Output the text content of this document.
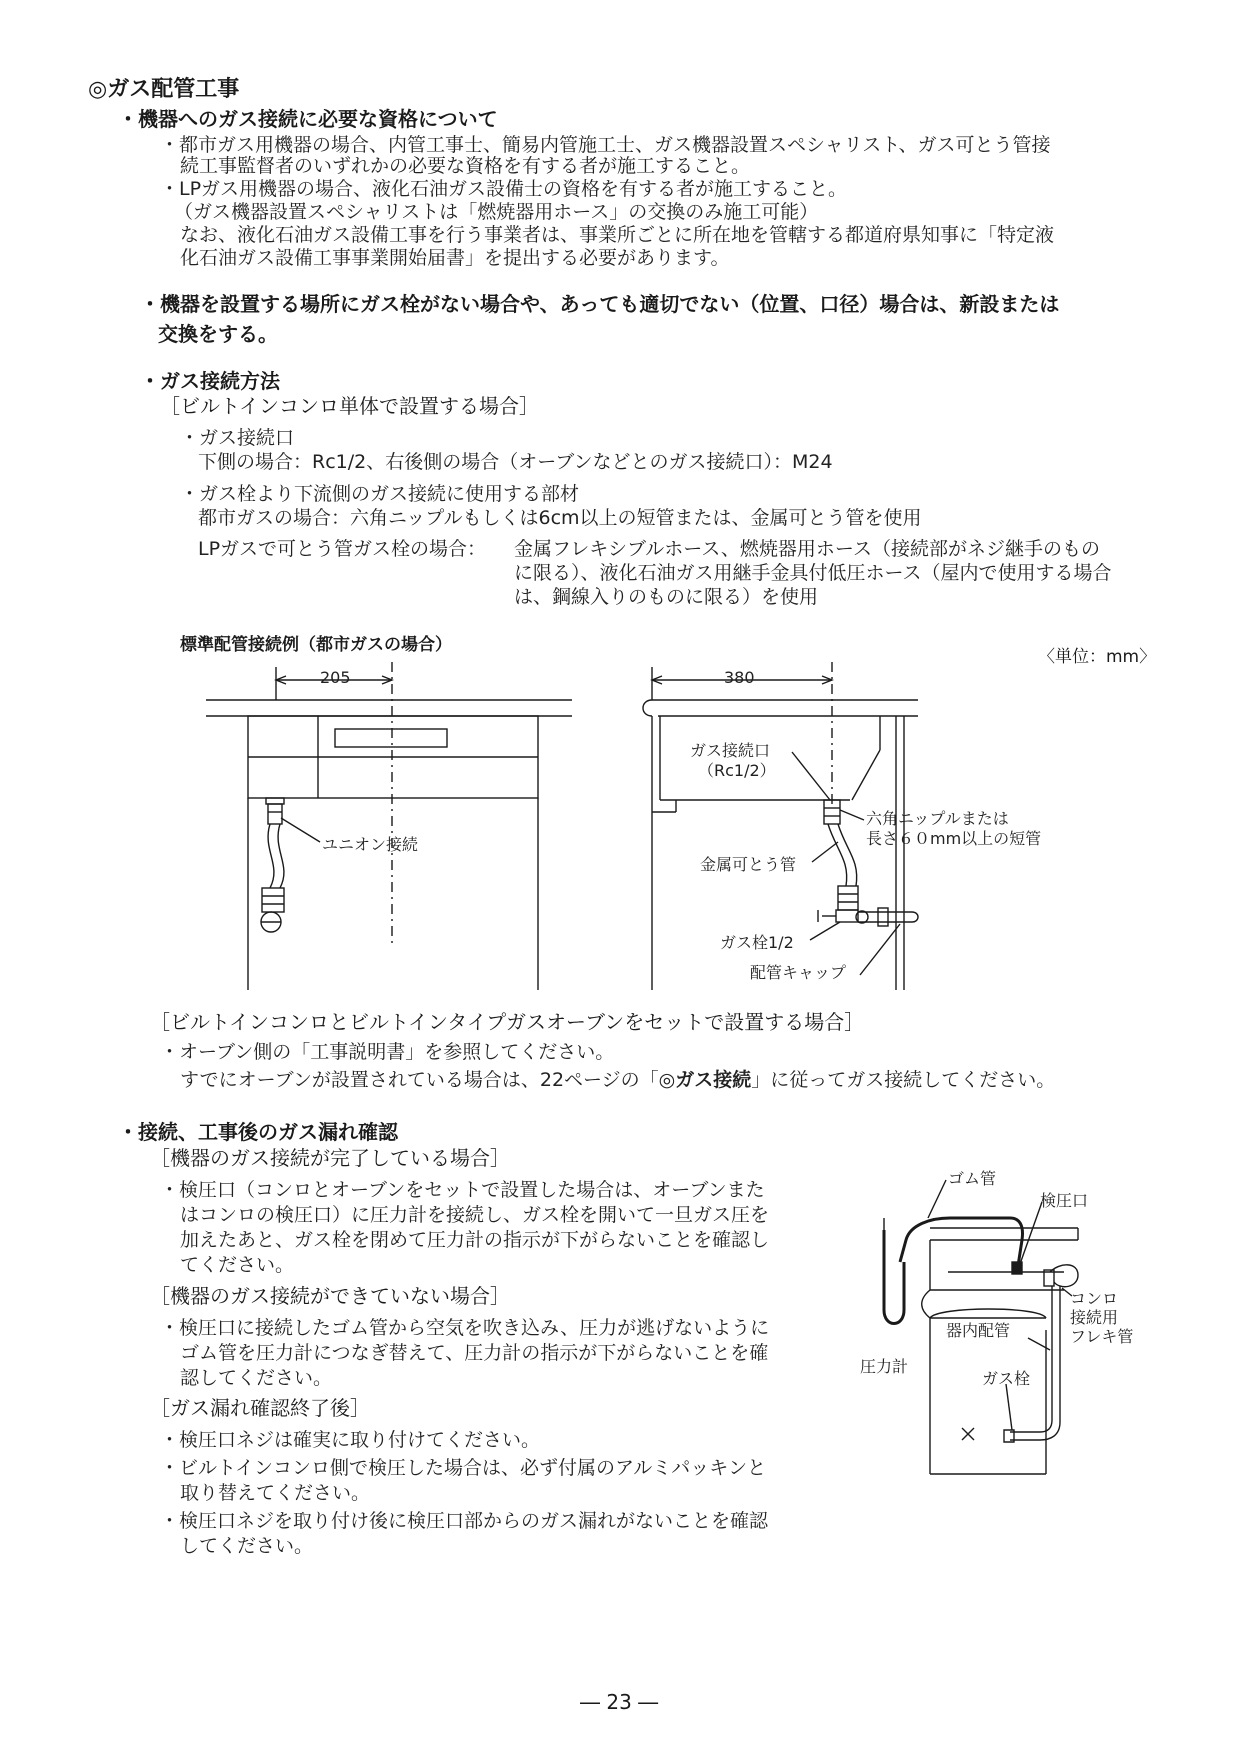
◎ガス配管工事
・機器へのガス接続に必要な資格について
・都市ガス用機器の場合、内管工事士、簡易内管施工士、ガス機器設置スペシャリスト、ガス可とう管接
続工事監督者のいずれかの必要な資格を有する者が施工すること。
・LPガス用機器の場合、液化石油ガス設備士の資格を有する者が施工すること。
（ガス機器設置スペシャリストは「燃焼器用ホース」の交換のみ施工可能）
なお、液化石油ガス設備工事を行う事業者は、事業所ごとに所在地を管轄する都道府県知事に「特定液
化石油ガス設備工事事業開始届書」を提出する必要があります。
・機器を設置する場所にガス栓がない場合や、あっても適切でない（位置、口径）場合は、新設または
交換をする。
・ガス接続方法
［ビルトインコンロ単体で設置する場合］
・ガス接続口
下側の場合：Rc1/2、右後側の場合（オーブンなどとのガス接続口）：M24
・ガス栓より下流側のガス接続に使用する部材
都市ガスの場合：六角ニップルもしくは6cm以上の短管または、金属可とう管を使用
LPガスで可とう管ガス栓の場合： 金属フレキシブルホース、燃焼器用ホース（接続部がネジ継手のもの
に限る）、液化石油ガス用継手金具付低圧ホース（屋内で使用する場合
は、鋼線入りのものに限る）を使用
標準配管接続例（都市ガスの場合）
〈単位：mm〉
205
ユニオン接続
380
ガス接続口
（Rc1/2）
六角ニップルまたは
長さ６０mm以上の短管
金属可とう管
ガス栓1/2
配管キャップ
［ビルトインコンロとビルトインタイプガスオーブンをセットで設置する場合］
・オーブン側の「工事説明書」を参照してください。
すでにオーブンが設置されている場合は、22ページの「◎ガス接続」に従ってガス接続してください。
・接続、工事後のガス漏れ確認
［機器のガス接続が完了している場合］
・検圧口（コンロとオーブンをセットで設置した場合は、オーブンまた
はコンロの検圧口）に圧力計を接続し、ガス栓を開いて一旦ガス圧を
加えたあと、ガス栓を閉めて圧力計の指示が下がらないことを確認し
てください。
［機器のガス接続ができていない場合］
・検圧口に接続したゴム管から空気を吹き込み、圧力が逃げないように
ゴム管を圧力計につなぎ替えて、圧力計の指示が下がらないことを確
認してください。
［ガス漏れ確認終了後］
・検圧口ネジは確実に取り付けてください。
・ビルトインコンロ側で検圧した場合は、必ず付属のアルミパッキンと
取り替えてください。
・検圧口ネジを取り付け後に検圧口部からのガス漏れがないことを確認
してください。
ゴム管
検圧口
コンロ
接続用
フレキ管
器内配管
圧力計
ガス栓
― 23 ―
